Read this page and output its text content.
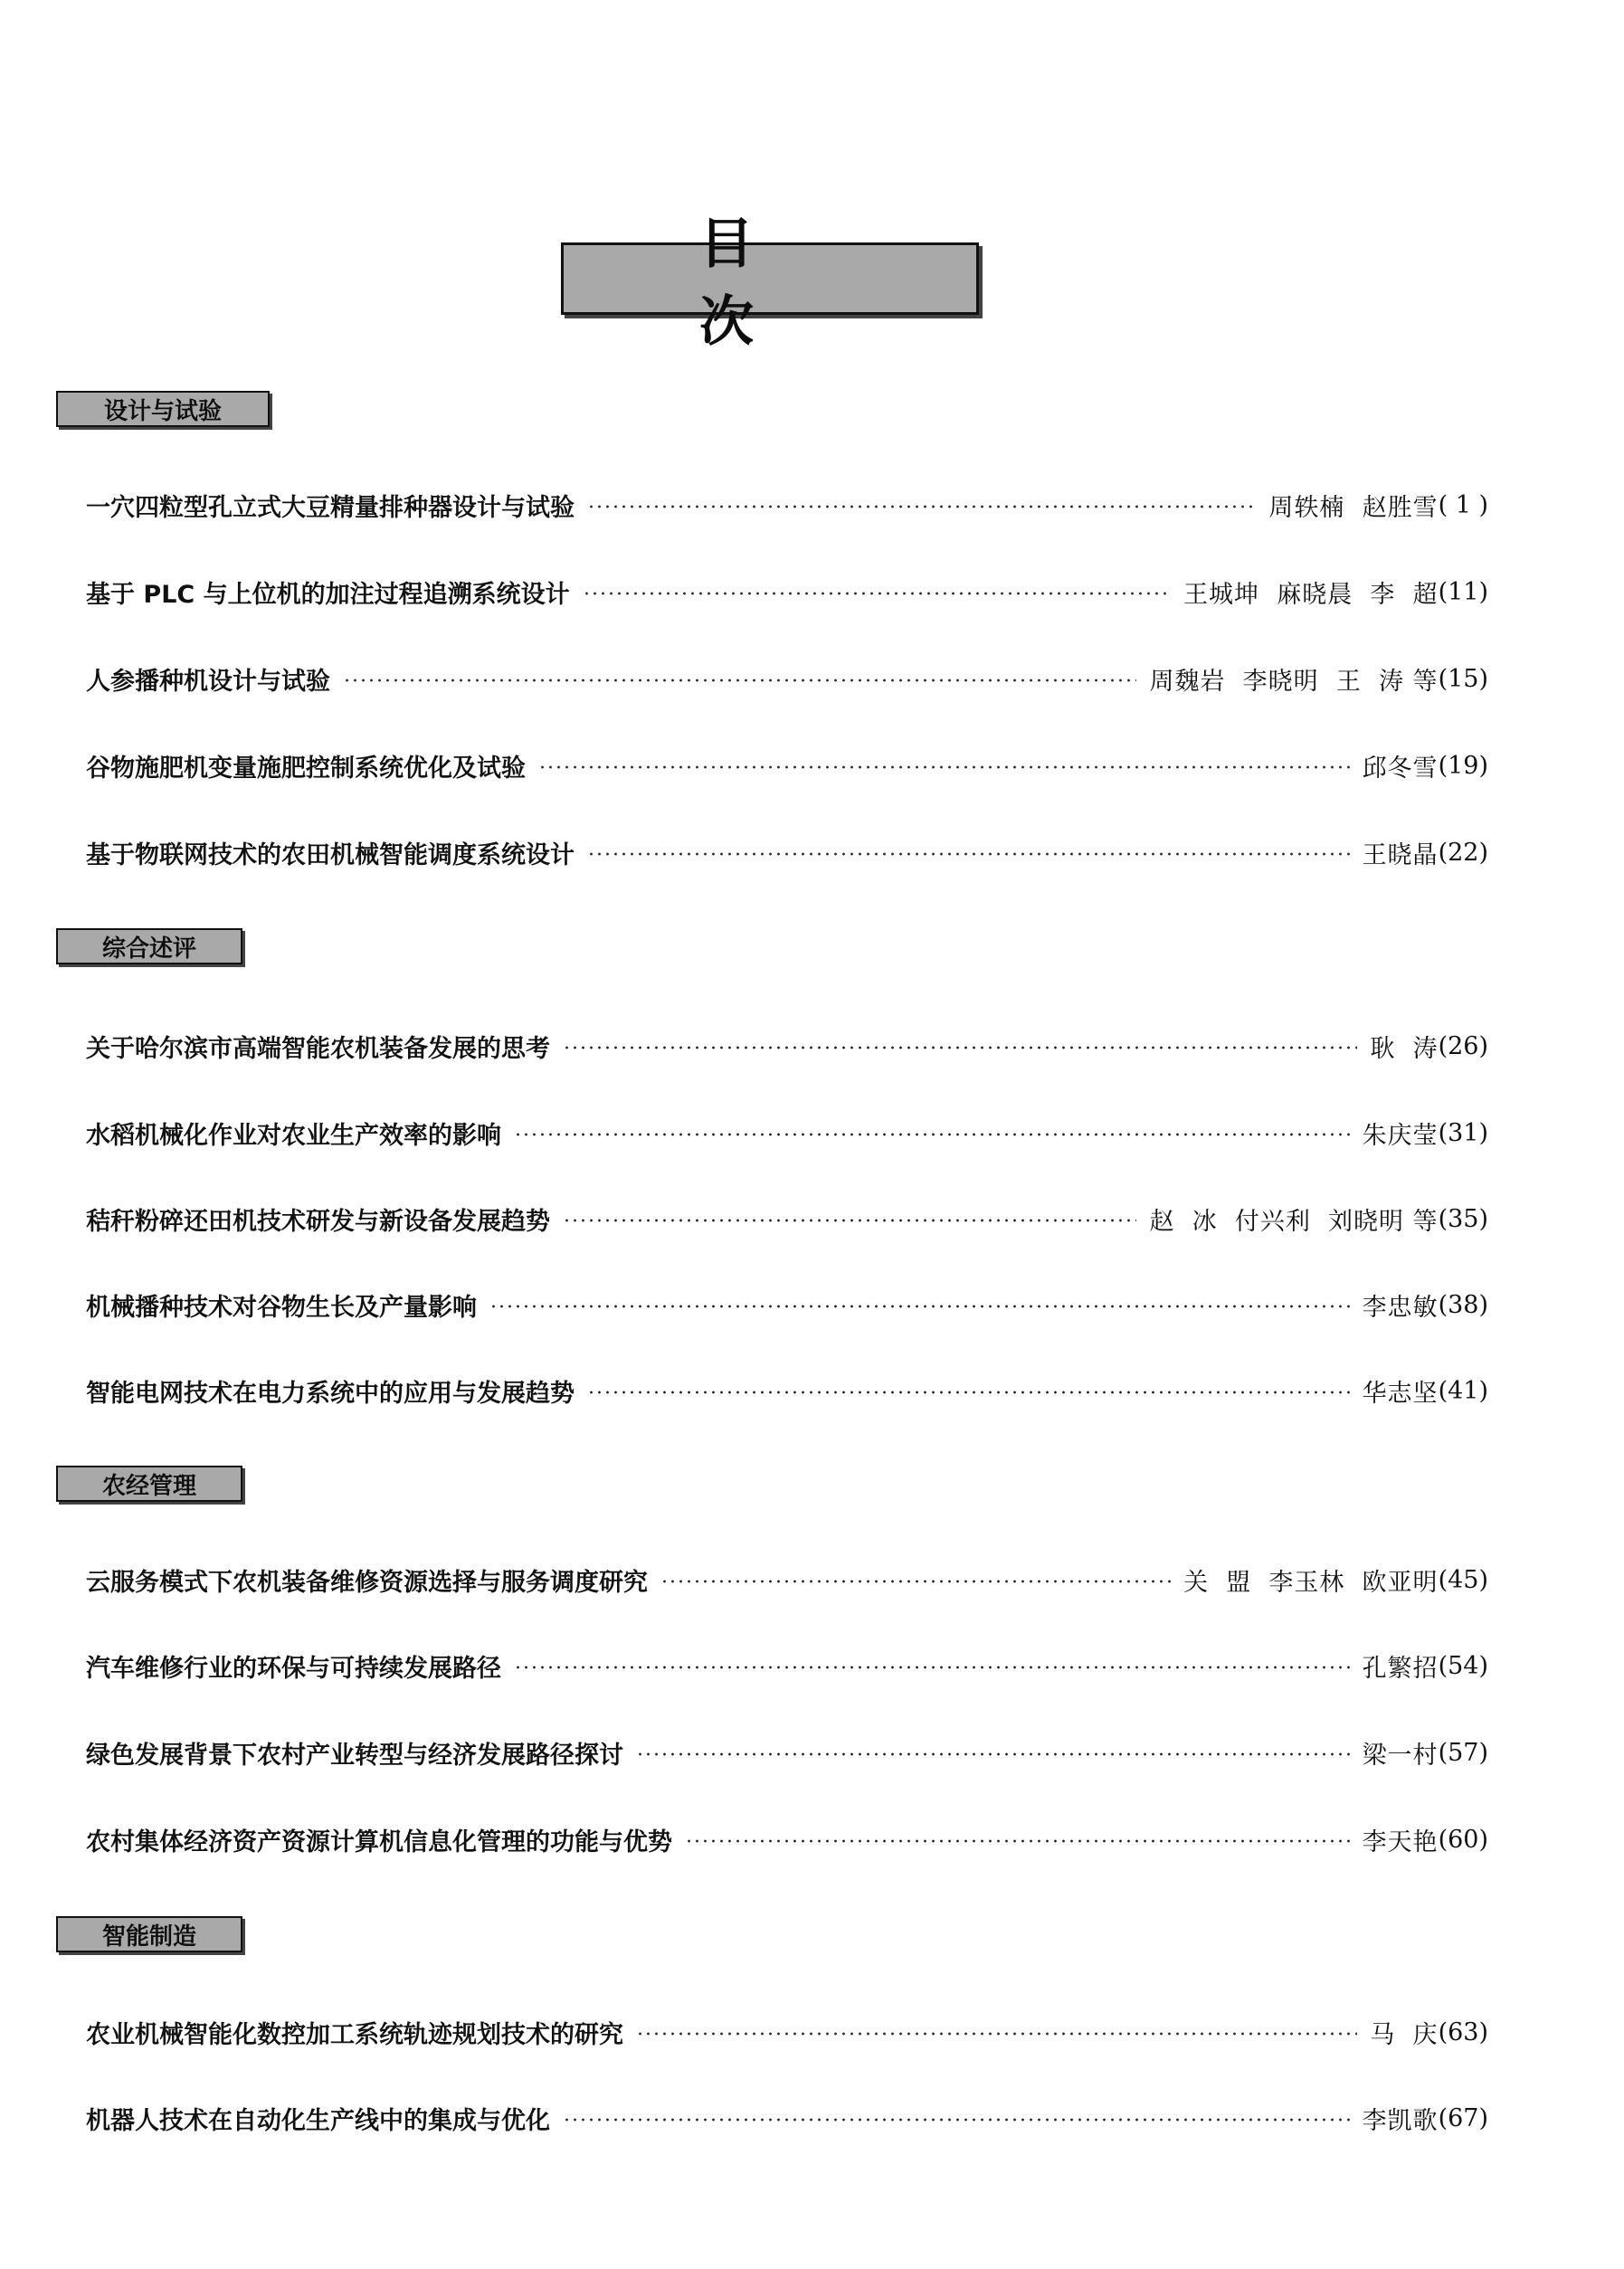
目 次
设计与试验
一穴四粒型孔立式大豆精量排种器设计与试验	周轶楠  赵胜雪 ( 1 )
基于 PLC 与上位机的加注过程追溯系统设计	王城坤  麻晓晨  李  超 (11)
人参播种机设计与试验	周魏岩  李晓明  王  涛 等 (15)
谷物施肥机变量施肥控制系统优化及试验	邱冬雪 (19)
基于物联网技术的农田机械智能调度系统设计	王晓晶 (22)
综合述评
关于哈尔滨市高端智能农机装备发展的思考	耿  涛 (26)
水稻机械化作业对农业生产效率的影响	朱庆莹 (31)
秸秆粉碎还田机技术研发与新设备发展趋势	赵  冰  付兴利  刘晓明 等 (35)
机械播种技术对谷物生长及产量影响	李忠敏 (38)
智能电网技术在电力系统中的应用与发展趋势	华志坚 (41)
农经管理
云服务模式下农机装备维修资源选择与服务调度研究	关  盟  李玉林  欧亚明 (45)
汽车维修行业的环保与可持续发展路径	孔繁招 (54)
绿色发展背景下农村产业转型与经济发展路径探讨	梁一村 (57)
农村集体经济资产资源计算机信息化管理的功能与优势	李天艳 (60)
智能制造
农业机械智能化数控加工系统轨迹规划技术的研究	马  庆 (63)
机器人技术在自动化生产线中的集成与优化	李凯歌 (67)
